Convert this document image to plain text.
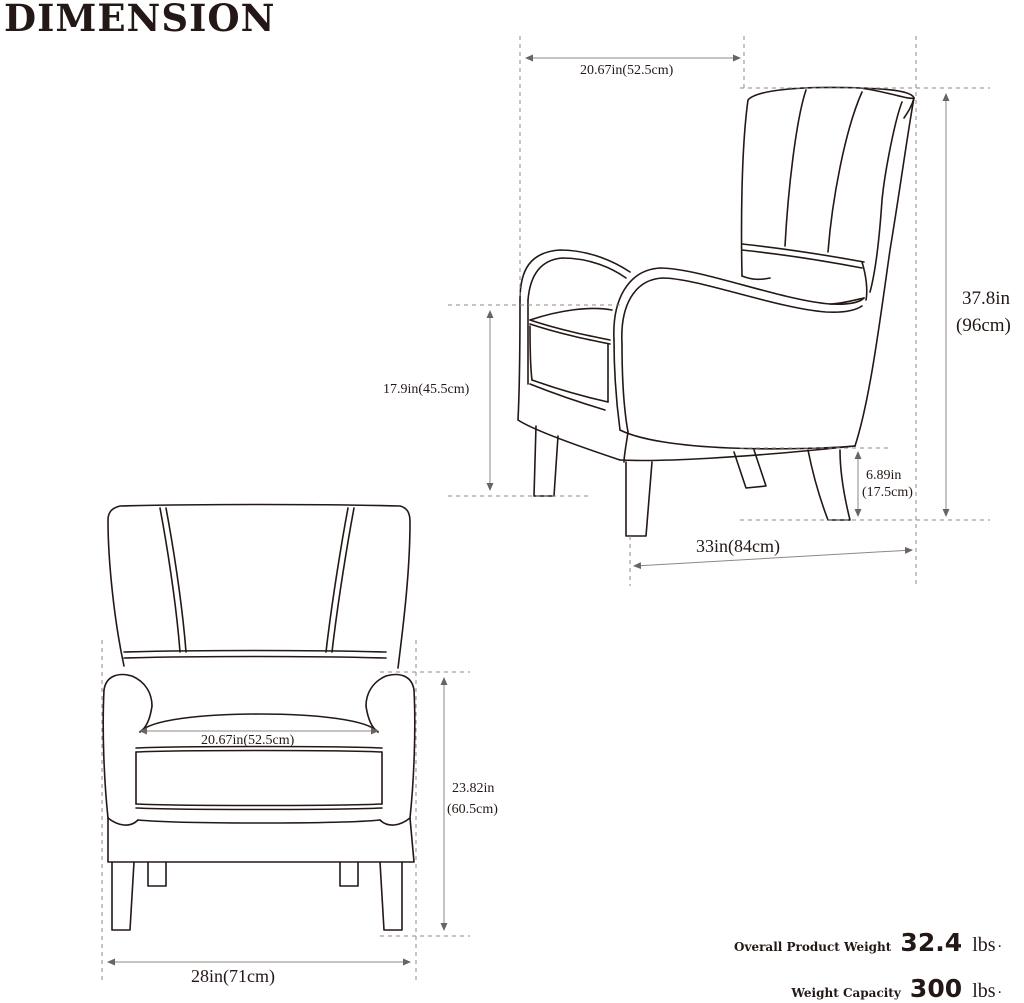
DIMENSION
20.67in(52.5cm)
37.8in
(96cm)
17.9in(45.5cm)
6.89in
(17.5cm)
33in(84cm)
20.67in(52.5cm)
23.82in
(60.5cm)
28in(71cm)
Overall Product Weight 32.4 lbs ·
Weight Capacity 300 lbs ·
